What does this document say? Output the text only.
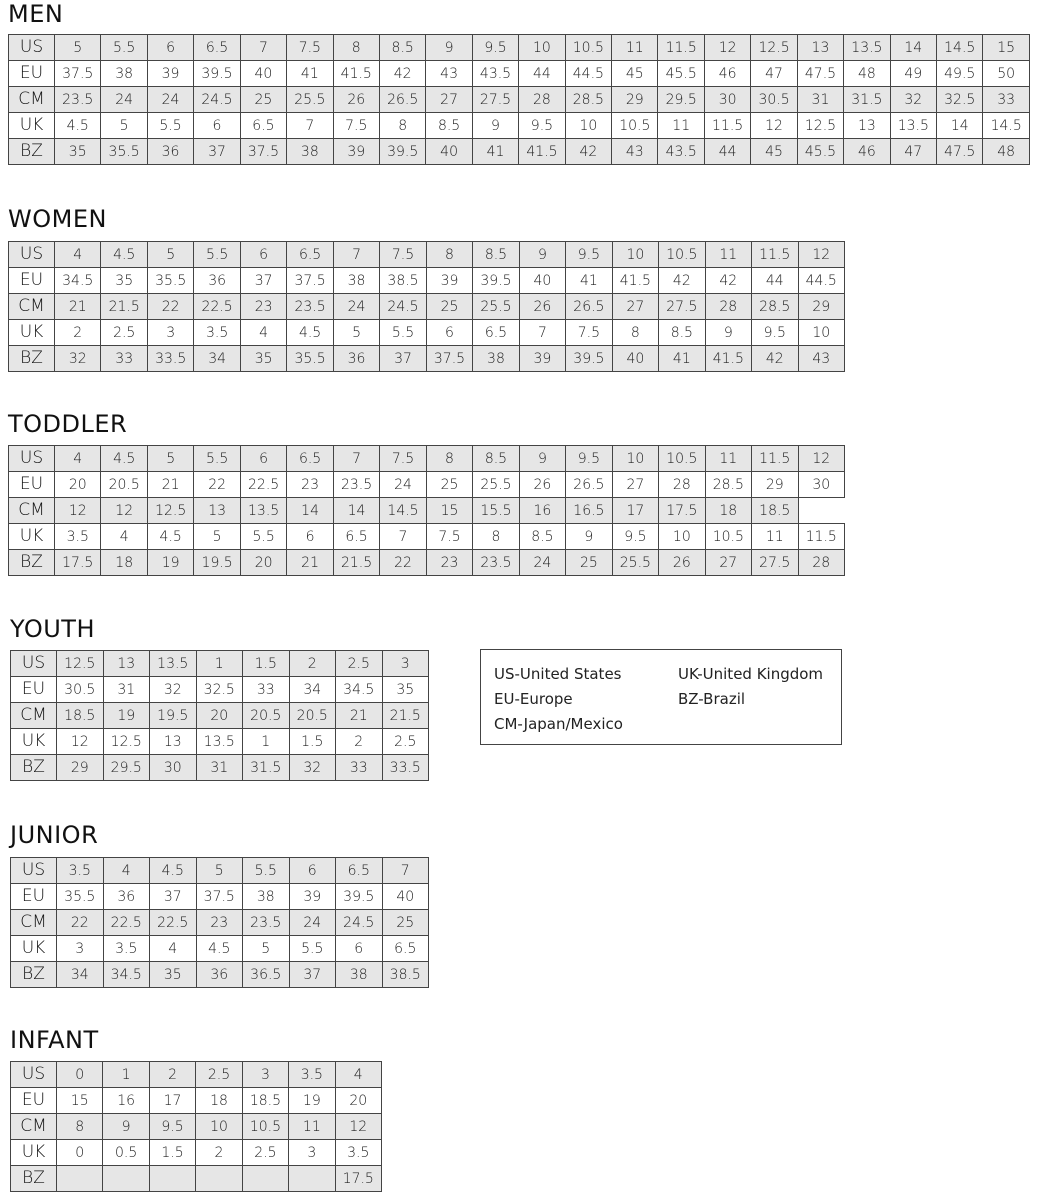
MEN
US	5	5.5	6	6.5	7	7.5	8	8.5	9	9.5	10	10.5	11	11.5	12	12.5	13	13.5	14	14.5	15
EU	37.5	38	39	39.5	40	41	41.5	42	43	43.5	44	44.5	45	45.5	46	47	47.5	48	49	49.5	50
CM	23.5	24	24	24.5	25	25.5	26	26.5	27	27.5	28	28.5	29	29.5	30	30.5	31	31.5	32	32.5	33
UK	4.5	5	5.5	6	6.5	7	7.5	8	8.5	9	9.5	10	10.5	11	11.5	12	12.5	13	13.5	14	14.5
BZ	35	35.5	36	37	37.5	38	39	39.5	40	41	41.5	42	43	43.5	44	45	45.5	46	47	47.5	48
WOMEN
US	4	4.5	5	5.5	6	6.5	7	7.5	8	8.5	9	9.5	10	10.5	11	11.5	12
EU	34.5	35	35.5	36	37	37.5	38	38.5	39	39.5	40	41	41.5	42	42	44	44.5
CM	21	21.5	22	22.5	23	23.5	24	24.5	25	25.5	26	26.5	27	27.5	28	28.5	29
UK	2	2.5	3	3.5	4	4.5	5	5.5	6	6.5	7	7.5	8	8.5	9	9.5	10
BZ	32	33	33.5	34	35	35.5	36	37	37.5	38	39	39.5	40	41	41.5	42	43
TODDLER
US	4	4.5	5	5.5	6	6.5	7	7.5	8	8.5	9	9.5	10	10.5	11	11.5	12
EU	20	20.5	21	22	22.5	23	23.5	24	25	25.5	26	26.5	27	28	28.5	29	30
CM	12	12	12.5	13	13.5	14	14	14.5	15	15.5	16	16.5	17	17.5	18	18.5	
UK	3.5	4	4.5	5	5.5	6	6.5	7	7.5	8	8.5	9	9.5	10	10.5	11	11.5
BZ	17.5	18	19	19.5	20	21	21.5	22	23	23.5	24	25	25.5	26	27	27.5	28
YOUTH
US	12.5	13	13.5	1	1.5	2	2.5	3
EU	30.5	31	32	32.5	33	34	34.5	35
CM	18.5	19	19.5	20	20.5	20.5	21	21.5
UK	12	12.5	13	13.5	1	1.5	2	2.5
BZ	29	29.5	30	31	31.5	32	33	33.5
US-United States
EU-Europe
CM-Japan/Mexico
UK-United Kingdom
BZ-Brazil
JUNIOR
US	3.5	4	4.5	5	5.5	6	6.5	7
EU	35.5	36	37	37.5	38	39	39.5	40
CM	22	22.5	22.5	23	23.5	24	24.5	25
UK	3	3.5	4	4.5	5	5.5	6	6.5
BZ	34	34.5	35	36	36.5	37	38	38.5
INFANT
US	0	1	2	2.5	3	3.5	4
EU	15	16	17	18	18.5	19	20
CM	8	9	9.5	10	10.5	11	12
UK	0	0.5	1.5	2	2.5	3	3.5
BZ							17.5
